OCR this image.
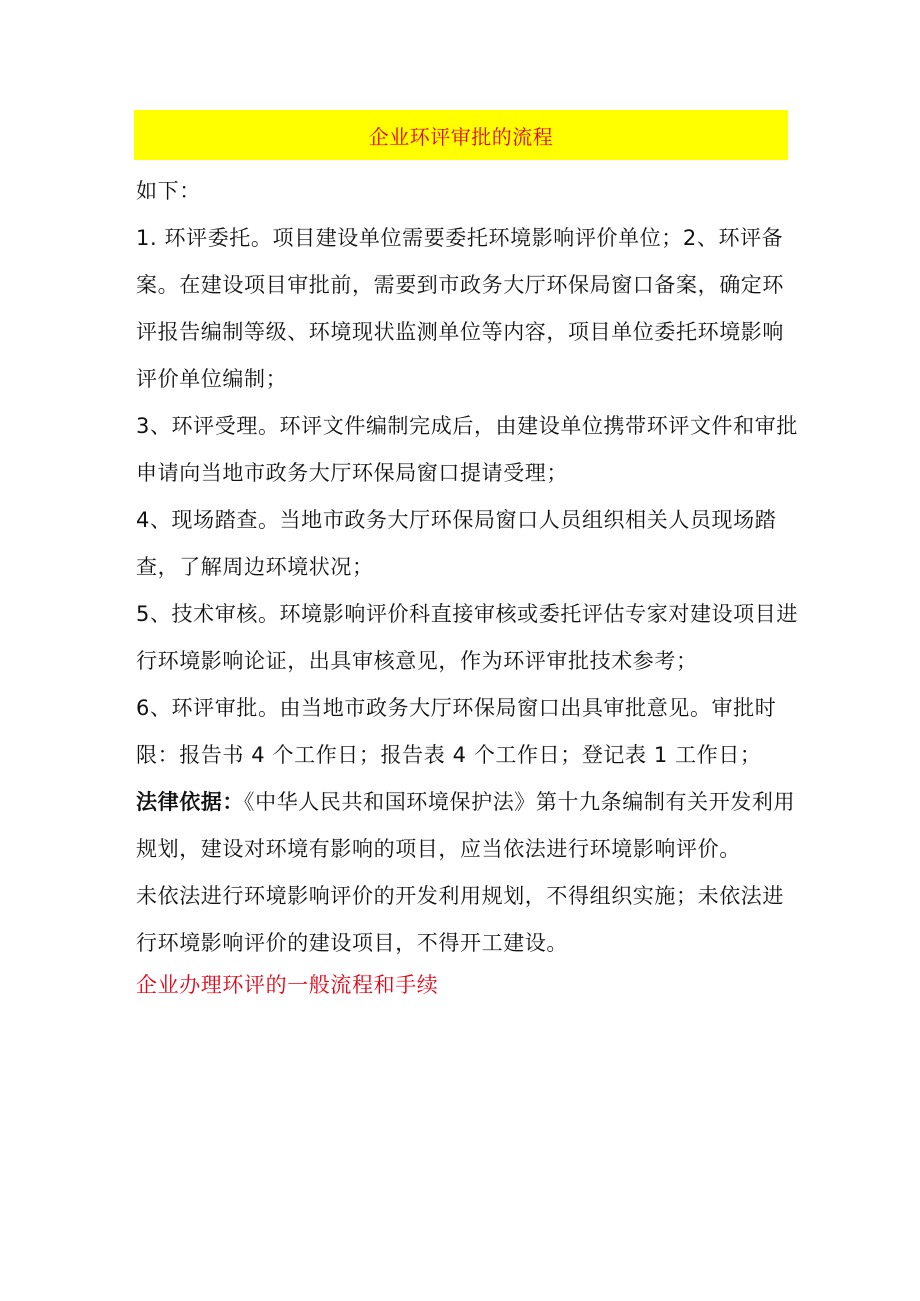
企业环评审批的流程

如下：

1. 环评委托。项目建设单位需要委托环境影响评价单位；2、环评备案。在建设项目审批前，需要到市政务大厅环保局窗口备案，确定环评报告编制等级、环境现状监测单位等内容，项目单位委托环境影响评价单位编制；

3、环评受理。环评文件编制完成后，由建设单位携带环评文件和审批申请向当地市政务大厅环保局窗口提请受理；

4、现场踏查。当地市政务大厅环保局窗口人员组织相关人员现场踏查，了解周边环境状况；

5、技术审核。环境影响评价科直接审核或委托评估专家对建设项目进行环境影响论证，出具审核意见，作为环评审批技术参考；

6、环评审批。由当地市政务大厅环保局窗口出具审批意见。审批时限：报告书 4 个工作日；报告表 4 个工作日；登记表 1 工作日；

法律依据：《中华人民共和国环境保护法》第十九条编制有关开发利用规划，建设对环境有影响的项目，应当依法进行环境影响评价。

未依法进行环境影响评价的开发利用规划，不得组织实施；未依法进行环境影响评价的建设项目，不得开工建设。

企业办理环评的一般流程和手续
